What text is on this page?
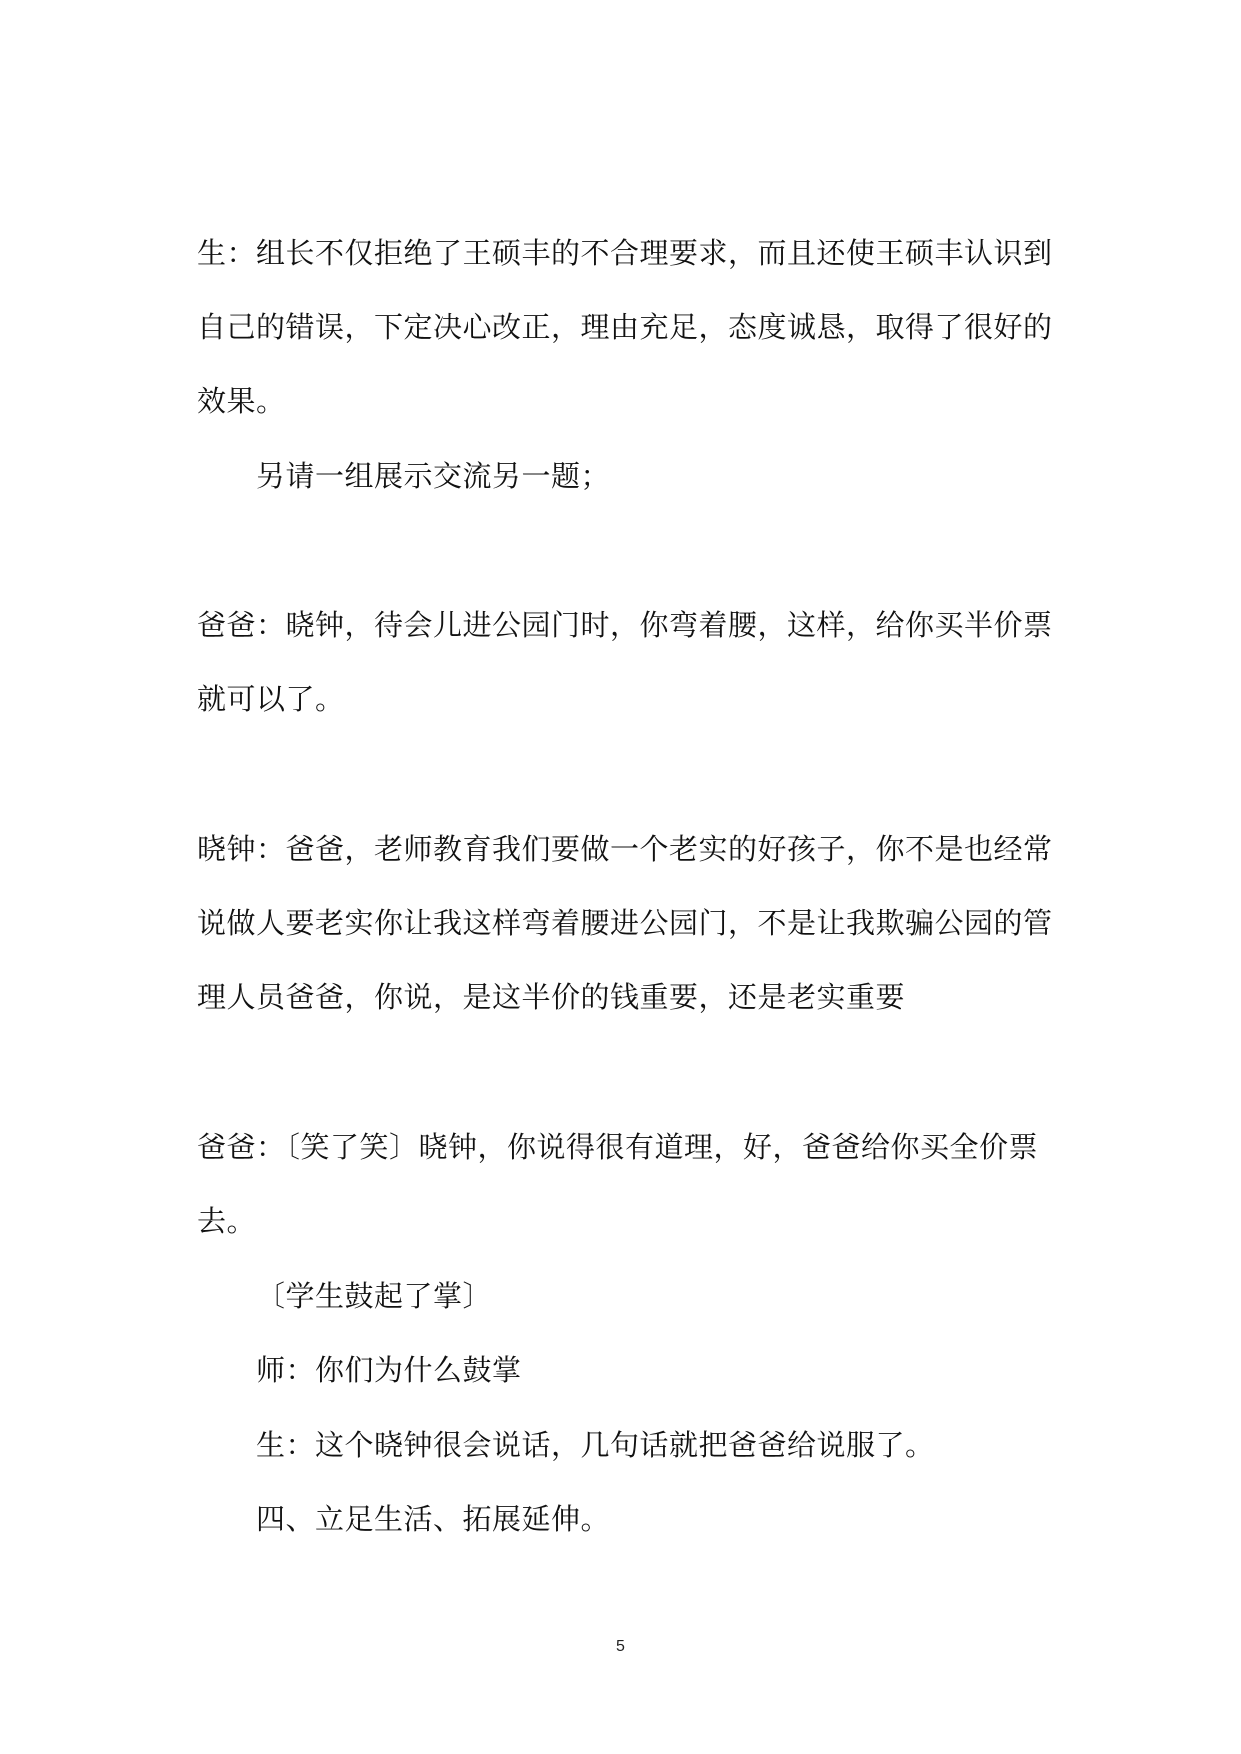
生：组长不仅拒绝了王硕丰的不合理要求，而且还使王硕丰认识到
自己的错误，下定决心改正，理由充足，态度诚恳，取得了很好的
效果。
另请一组展示交流另一题；
爸爸：晓钟，待会儿进公园门时，你弯着腰，这样，给你买半价票
就可以了。
晓钟：爸爸，老师教育我们要做一个老实的好孩子，你不是也经常
说做人要老实你让我这样弯着腰进公园门，不是让我欺骗公园的管
理人员爸爸，你说，是这半价的钱重要，还是老实重要
爸爸：〔笑了笑〕晓钟，你说得很有道理，好，爸爸给你买全价票
去。
〔学生鼓起了掌〕
师：你们为什么鼓掌
生：这个晓钟很会说话，几句话就把爸爸给说服了。
四、立足生活、拓展延伸。
5
